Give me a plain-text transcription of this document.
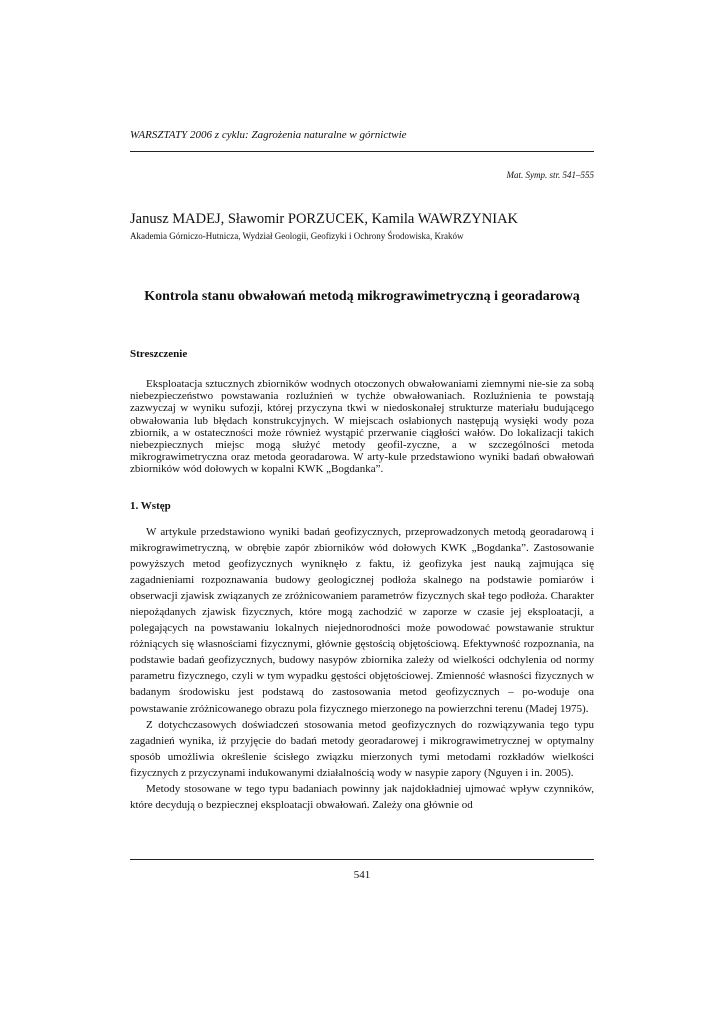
WARSZTATY 2006 z cyklu: Zagrożenia naturalne w górnictwie
Mat. Symp. str. 541–555
Janusz MADEJ, Sławomir PORZUCEK, Kamila WAWRZYNIAK
Akademia Górniczo-Hutnicza, Wydział Geologii, Geofizyki i Ochrony Środowiska, Kraków
Kontrola stanu obwałowań metodą mikrograwimetryczną i georadarową
Streszczenie

Eksploatacja sztucznych zbiorników wodnych otoczonych obwałowaniami ziemnymi nie-sie za sobą niebezpieczeństwo powstawania rozluźnień w tychże obwałowaniach. Rozluźnienia te powstają zazwyczaj w wyniku sufozji, której przyczyna tkwi w niedoskonałej strukturze materiału budującego obwałowania lub błędach konstrukcyjnych. W miejscach osłabionych następują wysięki wody poza zbiornik, a w ostateczności może również wystąpić przerwanie ciągłości wałów. Do lokalizacji takich niebezpiecznych miejsc mogą służyć metody geofil-zyczne, a w szczególności metoda mikrograwimetryczna oraz metoda georadarowa. W arty-kule przedstawiono wyniki badań obwałowań zbiorników wód dołowych w kopalni KWK „Bogdanka”.

1. Wstęp

W artykule przedstawiono wyniki badań geofizycznych, przeprowadzonych metodą georadarową i mikrograwimetryczną, w obrębie zapór zbiorników wód dołowych KWK „Bogdanka”. Zastosowanie powyższych metod geofizycznych wyniknęło z faktu, iż geofizyka jest nauką zajmująca się zagadnieniami rozpoznawania budowy geologicznej podłoża skalnego na podstawie pomiarów i obserwacji zjawisk związanych ze zróżnicowaniem parametrów fizycznych skał tego podłoża. Charakter niepożądanych zjawisk fizycznych, które mogą zachodzić w zaporze w czasie jej eksploatacji, a polegających na powstawaniu lokalnych niejednorodności może powodować powstawanie struktur różniących się własnościami fizycznymi, głównie gęstością objętościową. Efektywność rozpoznania, na podstawie badań geofizycznych, budowy nasypów zbiornika zależy od wielkości odchylenia od normy parametru fizycznego, czyli w tym wypadku gęstości objętościowej. Zmienność własności fizycznych w badanym środowisku jest podstawą do zastosowania metod geofizycznych – po-woduje ona powstawanie zróżnicowanego obrazu pola fizycznego mierzonego na powierzchni terenu (Madej 1975).

Z dotychczasowych doświadczeń stosowania metod geofizycznych do rozwiązywania tego typu zagadnień wynika, iż przyjęcie do badań metody georadarowej i mikrograwimetrycznej w optymalny sposób umożliwia określenie ścisłego związku mierzonych tymi metodami rozkładów wielkości fizycznych z przyczynami indukowanymi działalnością wody w nasypie zapory (Nguyen i in. 2005).

Metody stosowane w tego typu badaniach powinny jak najdokładniej ujmować wpływ czynników, które decydują o bezpiecznej eksploatacji obwałowań. Zależy ona głównie od

541
